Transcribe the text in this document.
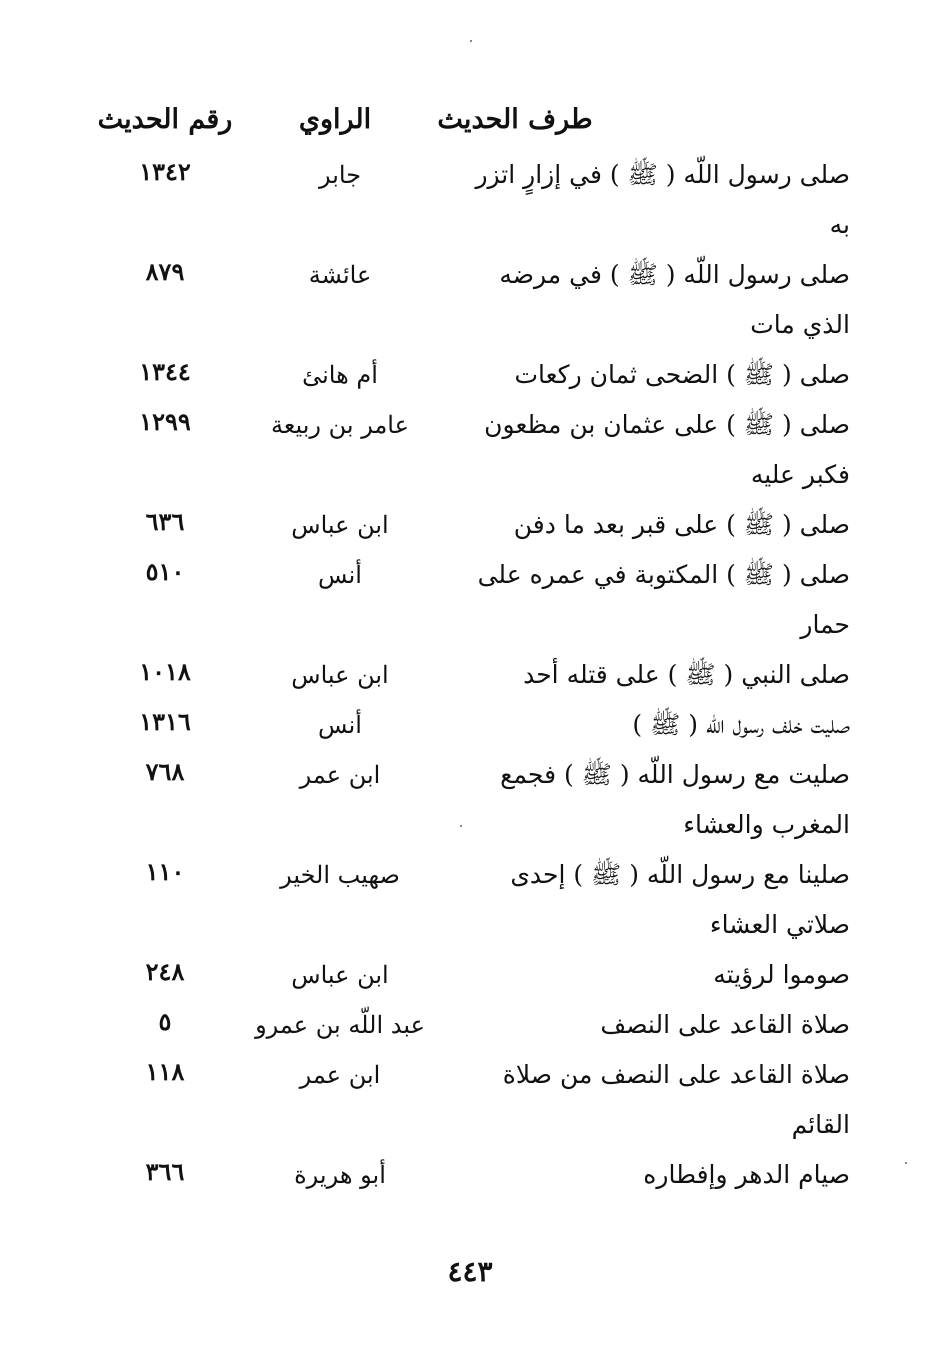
طرف الحديث
الراوي
رقم الحديث
صلى رسول اللّه ( ﷺ ) في إزارٍ اتزر
به
جابر
١٣٤٢
صلى رسول اللّه ( ﷺ ) في مرضه
الذي مات
عائشة
٨٧٩
صلى ( ﷺ ) الضحى ثمان ركعات
أم هانئ
١٣٤٤
صلى ( ﷺ ) على عثمان بن مظعون
فكبر عليه
عامر بن ربيعة
١٢٩٩
صلى ( ﷺ ) على قبر بعد ما دفن
ابن عباس
٦٣٦
صلى ( ﷺ ) المكتوبة في عمره على
حمار
أنس
٥١٠
صلى النبي ( ﷺ ) على قتله أحد
ابن عباس
١٠١٨
صليت خلف رسول اللّه ( ﷺ )
أنس
١٣١٦
صليت مع رسول اللّه ( ﷺ ) فجمع
المغرب والعشاء
ابن عمر
٧٦٨
صلينا مع رسول اللّه ( ﷺ ) إحدى
صلاتي العشاء
صهيب الخير
١١٠
صوموا لرؤيته
ابن عباس
٢٤٨
صلاة القاعد على النصف
عبد اللّه بن عمرو
٥
صلاة القاعد على النصف من صلاة
القائم
ابن عمر
١١٨
صيام الدهر وإفطاره
أبو هريرة
٣٦٦
٤٤٣
